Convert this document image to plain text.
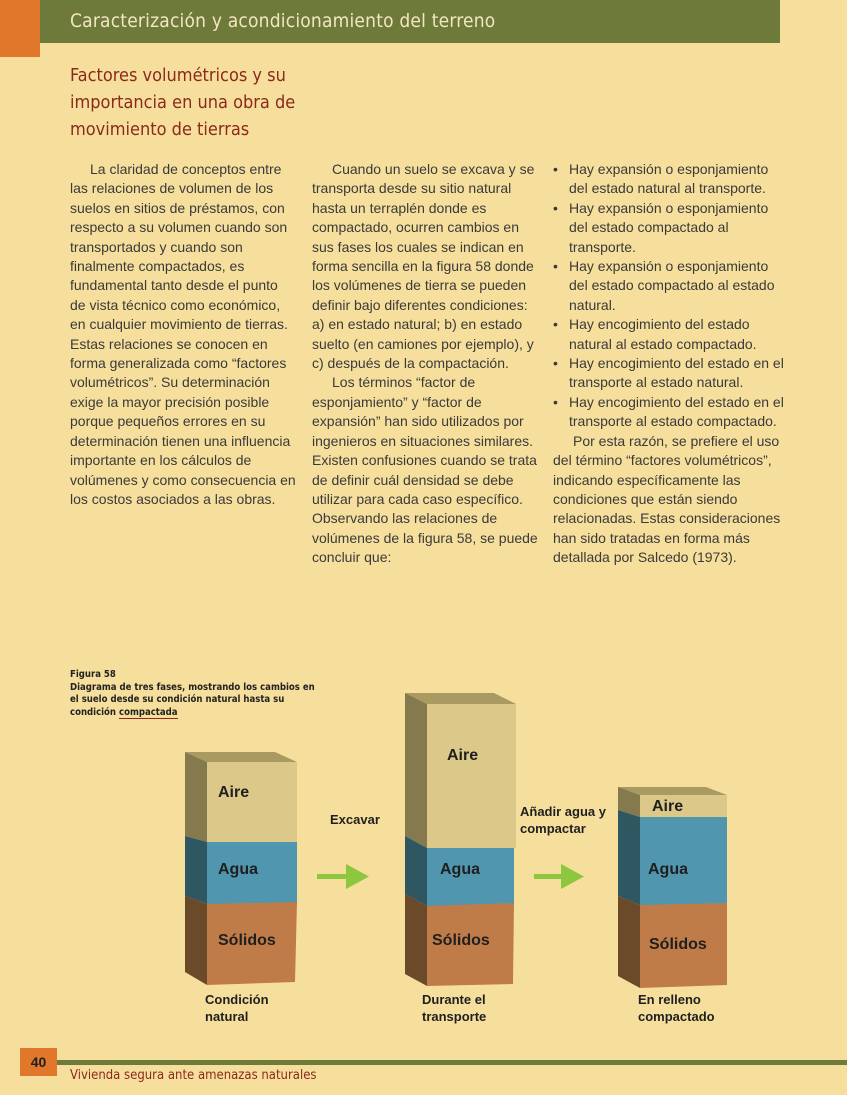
Caracterización y acondicionamiento del terreno
Factores volumétricos y su importancia en una obra de movimiento de tierras

La claridad de conceptos entre las relaciones de volumen de los suelos en sitios de préstamos, con respecto a su volumen cuando son transportados y cuando son finalmente compactados, es fundamental tanto desde el punto de vista técnico como económico, en cualquier movimiento de tierras. Estas relaciones se conocen en forma generalizada como “factores volumétricos”. Su determinación exige la mayor precisión posible porque pequeños errores en su determinación tienen una influencia importante en los cálculos de volúmenes y como consecuencia en los costos asociados a las obras.

Cuando un suelo se excava y se transporta desde su sitio natural hasta un terraplén donde es compactado, ocurren cambios en sus fases los cuales se indican en forma sencilla en la figura 58 donde los volúmenes de tierra se pueden definir bajo diferentes condiciones: a) en estado natural; b) en estado suelto (en camiones por ejemplo), y c) después de la compactación.

Los términos “factor de esponjamiento” y “factor de expansión” han sido utilizados por ingenieros en situaciones similares. Existen confusiones cuando se trata de definir cuál densidad se debe utilizar para cada caso específico. Observando las relaciones de volúmenes de la figura 58, se puede concluir que:

• Hay expansión o esponjamiento del estado natural al transporte.
• Hay expansión o esponjamiento del estado compactado al transporte.
• Hay expansión o esponjamiento del estado compactado al estado natural.
• Hay encogimiento del estado natural al estado compactado.
• Hay encogimiento del estado en el transporte al estado natural.
• Hay encogimiento del estado en el transporte al estado compactado.

Por esta razón, se prefiere el uso del término “factores volumétricos”, indicando específicamente las condiciones que están siendo relacionadas. Estas consideraciones han sido tratadas en forma más detallada por Salcedo (1973).

Figura 58
Diagrama de tres fases, mostrando los cambios en el suelo desde su condición natural hasta su condición compactada
Aire
Agua
Sólidos
Aire
Agua
Sólidos
Aire
Agua
Sólidos
Excavar
Añadir agua y compactar
Condición natural
Durante el transporte
En relleno compactado
40
Vivienda segura ante amenazas naturales
